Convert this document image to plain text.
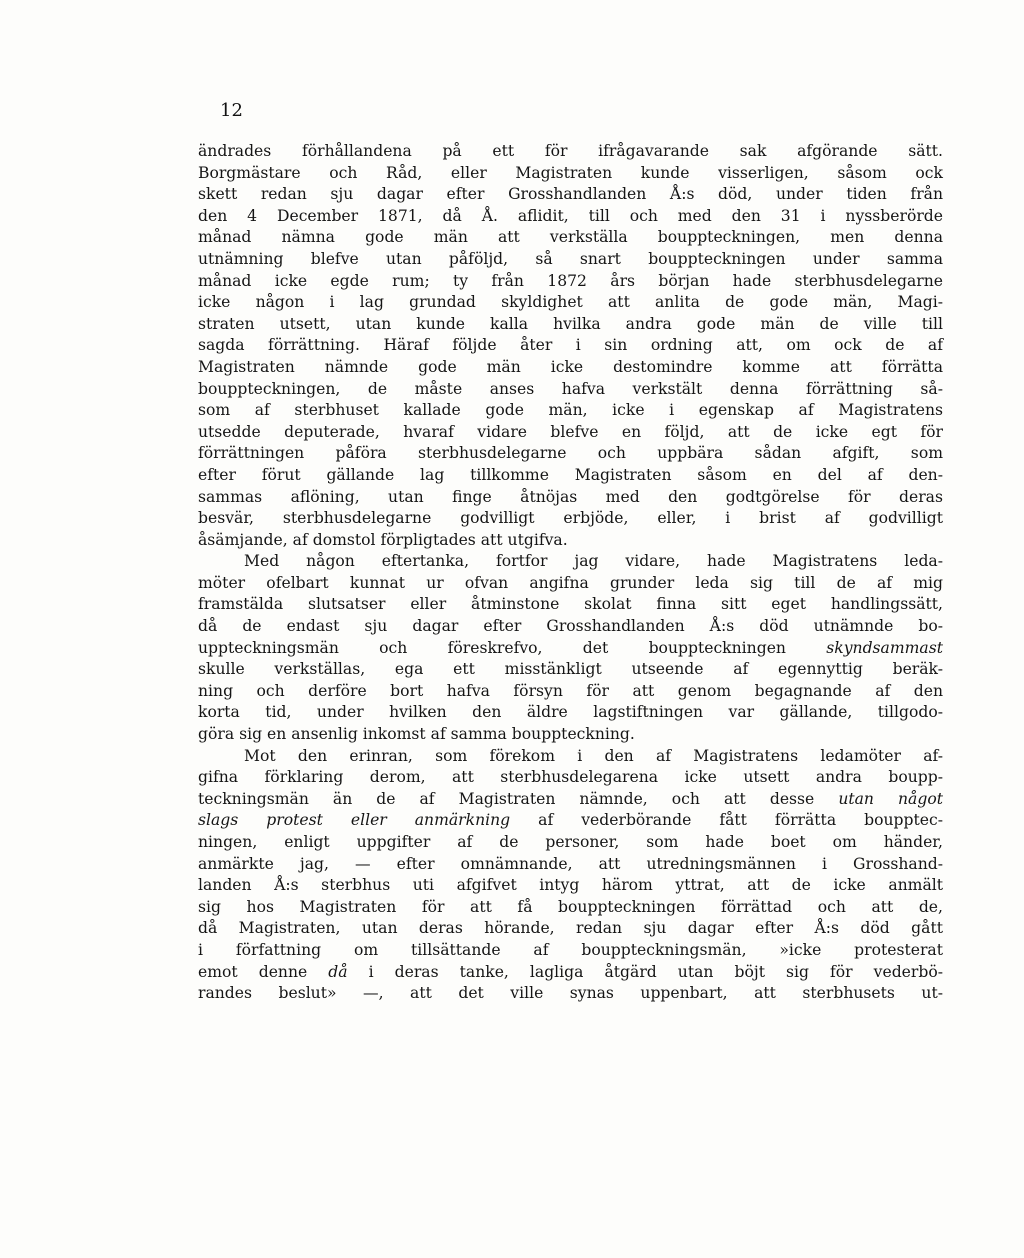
12
ändrades förhållandena på ett för ifrågavarande sak afgörande sätt.
Borgmästare och Råd, eller Magistraten kunde visserligen, såsom ock
skett redan sju dagar efter Grosshandlanden Å:s död, under tiden från
den 4 December 1871, då Å. aflidit, till och med den 31 i nyssberörde
månad nämna gode män att verkställa bouppteckningen, men denna
utnämning blefve utan påföljd, så snart bouppteckningen under samma
månad icke egde rum; ty från 1872 års början hade sterbhusdelegarne
icke någon i lag grundad skyldighet att anlita de gode män, Magi-
straten utsett, utan kunde kalla hvilka andra gode män de ville till
sagda förrättning. Häraf följde åter i sin ordning att, om ock de af
Magistraten nämnde gode män icke destomindre komme att förrätta
bouppteckningen, de måste anses hafva verkstält denna förrättning så-
som af sterbhuset kallade gode män, icke i egenskap af Magistratens
utsedde deputerade, hvaraf vidare blefve en följd, att de icke egt för
förrättningen påföra sterbhusdelegarne och uppbära sådan afgift, som
efter förut gällande lag tillkomme Magistraten såsom en del af den-
sammas aflöning, utan finge åtnöjas med den godtgörelse för deras
besvär, sterbhusdelegarne godvilligt erbjöde, eller, i brist af godvilligt
åsämjande, af domstol förpligtades att utgifva.
Med någon eftertanka, fortfor jag vidare, hade Magistratens leda-
möter ofelbart kunnat ur ofvan angifna grunder leda sig till de af mig
framstälda slutsatser eller åtminstone skolat finna sitt eget handlingssätt,
då de endast sju dagar efter Grosshandlanden Å:s död utnämnde bo-
uppteckningsmän och föreskrefvo, det bouppteckningen skyndsammast
skulle verkställas, ega ett misstänkligt utseende af egennyttig beräk-
ning och derföre bort hafva försyn för att genom begagnande af den
korta tid, under hvilken den äldre lagstiftningen var gällande, tillgodo-
göra sig en ansenlig inkomst af samma bouppteckning.
Mot den erinran, som förekom i den af Magistratens ledamöter af-
gifna förklaring derom, att sterbhusdelegarena icke utsett andra boupp-
teckningsmän än de af Magistraten nämnde, och att desse utan något
slags protest eller anmärkning af vederbörande fått förrätta boupptec-
ningen, enligt uppgifter af de personer, som hade boet om händer,
anmärkte jag, — efter omnämnande, att utredningsmännen i Grosshand-
landen Å:s sterbhus uti afgifvet intyg härom yttrat, att de icke anmält
sig hos Magistraten för att få bouppteckningen förrättad och att de,
då Magistraten, utan deras hörande, redan sju dagar efter Å:s död gått
i författning om tillsättande af bouppteckningsmän, »icke protesterat
emot denne då i deras tanke, lagliga åtgärd utan böjt sig för vederbö-
randes beslut» —, att det ville synas uppenbart, att sterbhusets ut-
